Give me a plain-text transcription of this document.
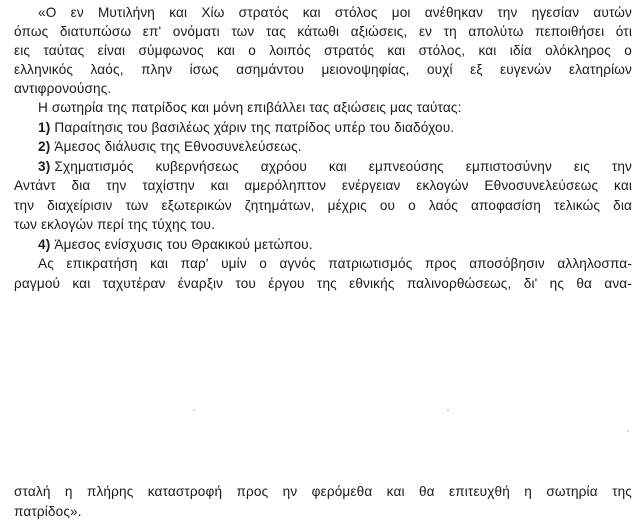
«Ο εν Μυτιλήνη και Χίω στρατός και στόλος μοι ανέθηκαν την ηγεσίαν αυτών
όπως διατυπώσω επ' ονόματι των τας κάτωθι αξιώσεις, εν τη απολύτω πεποιθήσει ότι
εις ταύτας είναι σύμφωνος και ο λοιπός στρατός και στόλος, και ιδία ολόκληρος ο
ελληνικός λαός, πλην ίσως ασημάντου μειονοψηφίας, ουχί εξ ευγενών ελατηρίων
αντιφρονούσης.
Η σωτηρία της πατρίδος και μόνη επιβάλλει τας αξιώσεις μας ταύτας:
1) Παραίτησις του βασιλέως χάριν της πατρίδος υπέρ του διαδόχου.
2) Άμεσος διάλυσις της Εθνοσυνελεύσεως.
3) Σχηματισμός κυβερνήσεως αχρόου και εμπνεούσης εμπιστοσύνην εις την
Αντάντ δια την ταχίστην και αμερόληπτον ενέργειαν εκλογών Εθνοσυνελεύσεως και
την διαχείρισιν των εξωτερικών ζητημάτων, μέχρις ου ο λαός αποφασίση τελικώς δια
των εκλογών περί της τύχης του.
4) Άμεσος ενίσχυσις του Θρακικού μετώπου.
Ας επικρατήση και παρ' υμίν ο αγνός πατριωτισμός προς αποσόβησιν αλληλοσπα-
ραγμού και ταχυτέραν έναρξιν του έργου της εθνικής παλινορθώσεως, δι' ης θα ανα-
σταλή η πλήρης καταστροφή προς ην φερόμεθα και θα επιτευχθή η σωτηρία της
πατρίδος».
